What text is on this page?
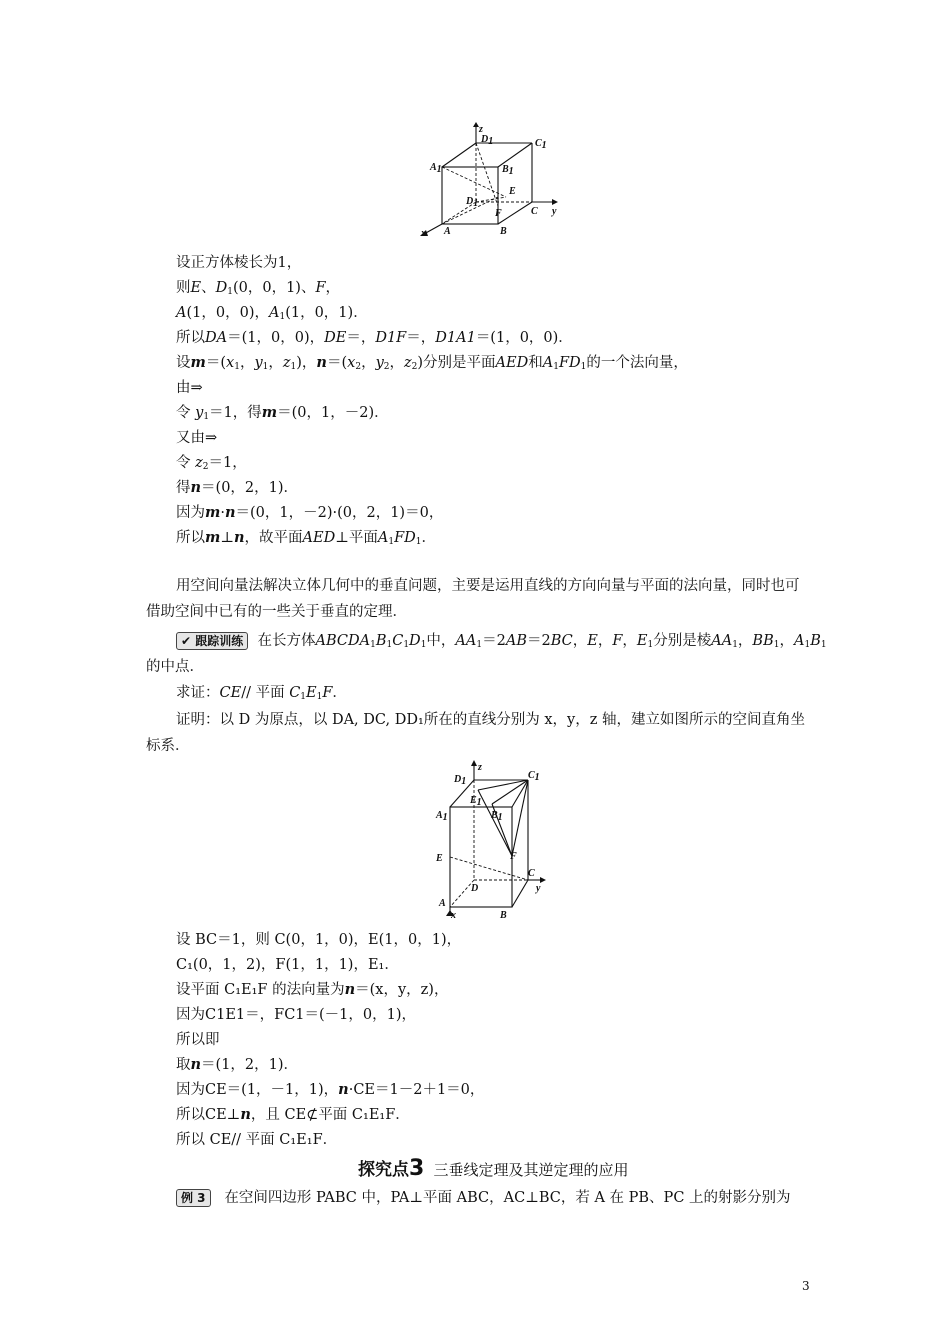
z
D1	C1
A1	B1
E
D1
F	C y
x A	B
设正方体棱长为1，
则E、$D_1(0$，0，1)、F，
A(1，0，0)，$A_1(1$，0，1)．
所以DA＝(1，0，0)，DE＝，D1F＝，D1A1＝(1，0，0)．
设$m=(x_1$，$y_1$，$z_1$)，$n=(x_2$，$y_2$，$z_2$)分别是平面AED和$A_1FD_1$的一个法向量，
由⇒
令 $y_1=1$，得m＝(0，1，－2)．
又由⇒
令 $z_2=1$，
得n＝(0，2，1)．
因为m·n＝(0，1，－2)·(0，2，1)＝0，
所以m⊥n，故平面AED⊥平面$A_1FD_1$．
用空间向量法解决立体几何中的垂直问题，主要是运用直线的方向向量与平面的法向量，同时也可借助空间中已有的一些关于垂直的定理．
✔ 跟踪训练 在长方体$ABCDA_1B_1C_1D_1$中，$AA_1=2AB=2BC$，E，F，$E_1$分别是棱$AA_1$，$BB_1$，$A_1B_1$
的中点．
求证：CE// 平面 $C_1E_1F$．
证明：以 D 为原点，以 DA, DC, DD₁所在的直线分别为 x，y，z 轴，建立如图所示的空间直角坐标系．
D1
z
C1
E1
A1	B1
F
E
C
D	y
A
x	B
设 BC＝1，则 C(0，1，0)，E(1，0，1)，
C₁(0，1，2)，F(1，1，1)，E₁．
设平面 C₁E₁F 的法向量为n＝(x，y，z)，
因为C1E1＝，FC1＝(－1，0，1)，
所以即
取n＝(1，2，1)．
因为CE＝(1，－1，1)，n·CE＝1－2＋1＝0，
所以CE⊥n，且 CE⊄平面 C₁E₁F．
所以 CE// 平面 C₁E₁F．
探究点3 三垂线定理及其逆定理的应用
例 3 在空间四边形 PABC 中，PA⊥平面 ABC，AC⊥BC，若 A 在 PB、PC 上的射影分别为
3
